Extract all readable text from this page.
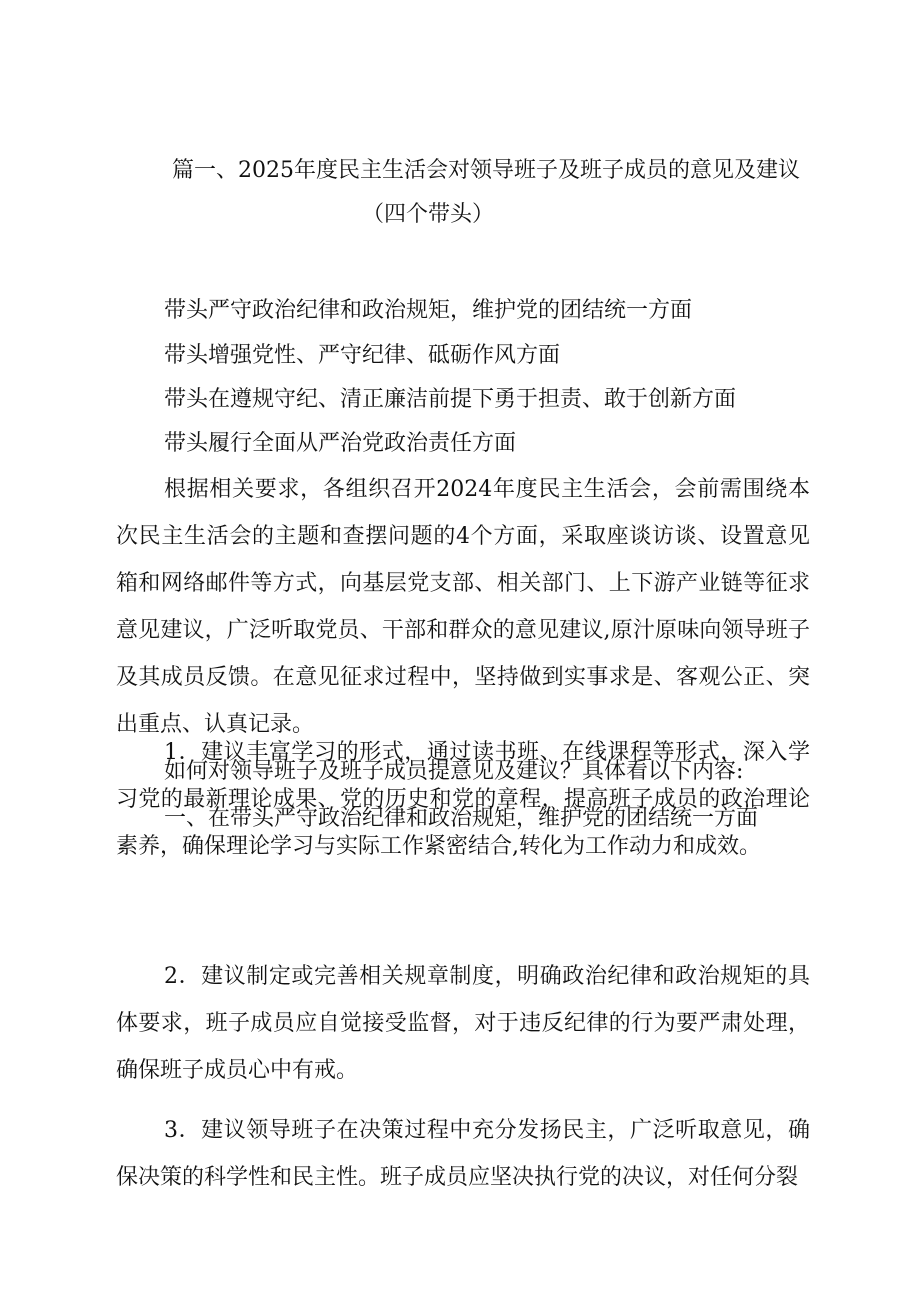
篇一、2025年度民主生活会对领导班子及班子成员的意见及建议
（四个带头）
带头严守政治纪律和政治规矩，维护党的团结统一方面
带头增强党性、严守纪律、砥砺作风方面
带头在遵规守纪、清正廉洁前提下勇于担责、敢于创新方面
带头履行全面从严治党政治责任方面

根据相关要求，各组织召开2024年度民主生活会，会前需围绕本次民主生活会的主题和查摆问题的4个方面，采取座谈访谈、设置意见箱和网络邮件等方式，向基层党支部、相关部门、上下游产业链等征求意见建议，广泛听取党员、干部和群众的意见建议,原汁原味向领导班子及其成员反馈。在意见征求过程中，坚持做到实事求是、客观公正、突出重点、认真记录。

如何对领导班子及班子成员提意见及建议？具体看以下内容:

一、在带头严守政治纪律和政治规矩，维护党的团结统一方面

1．建议丰富学习的形式，通过读书班、在线课程等形式，深入学习党的最新理论成果、党的历史和党的章程，提高班子成员的政治理论素养，确保理论学习与实际工作紧密结合,转化为工作动力和成效。

2．建议制定或完善相关规章制度，明确政治纪律和政治规矩的具体要求，班子成员应自觉接受监督，对于违反纪律的行为要严肃处理，确保班子成员心中有戒。

3．建议领导班子在决策过程中充分发扬民主，广泛听取意见，确保决策的科学性和民主性。班子成员应坚决执行党的决议，对任何分裂
